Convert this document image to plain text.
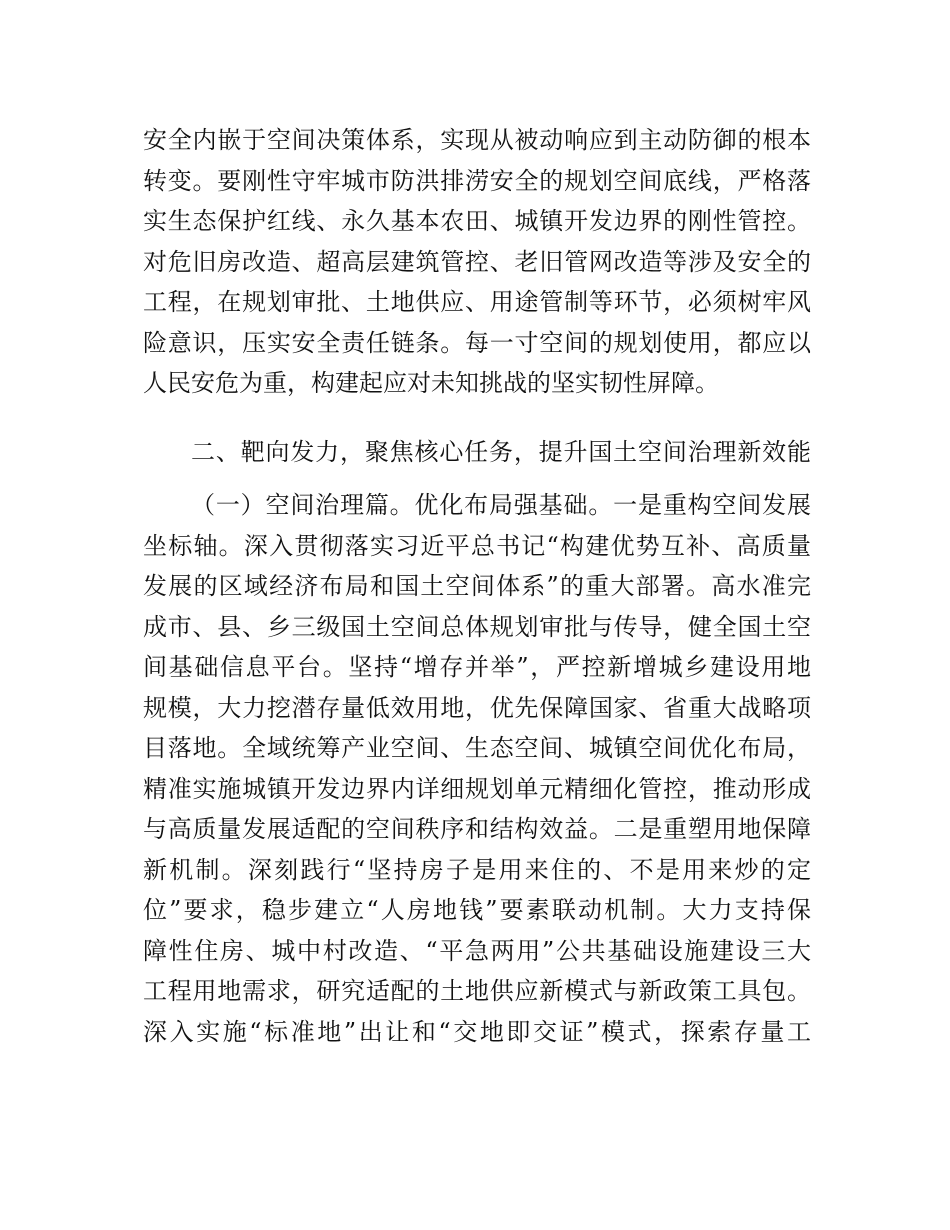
安全内嵌于空间决策体系，实现从被动响应到主动防御的根本
转变。要刚性守牢城市防洪排涝安全的规划空间底线，严格落
实生态保护红线、永久基本农田、城镇开发边界的刚性管控。
对危旧房改造、超高层建筑管控、老旧管网改造等涉及安全的
工程，在规划审批、土地供应、用途管制等环节，必须树牢风
险意识，压实安全责任链条。每一寸空间的规划使用，都应以
人民安危为重，构建起应对未知挑战的坚实韧性屏障。
二、靶向发力，聚焦核心任务，提升国土空间治理新效能
（一）空间治理篇。优化布局强基础。一是重构空间发展
坐标轴。深入贯彻落实习近平总书记“构建优势互补、高质量
发展的区域经济布局和国土空间体系”的重大部署。高水准完
成市、县、乡三级国土空间总体规划审批与传导，健全国土空
间基础信息平台。坚持“增存并举”，严控新增城乡建设用地
规模，大力挖潜存量低效用地，优先保障国家、省重大战略项
目落地。全域统筹产业空间、生态空间、城镇空间优化布局，
精准实施城镇开发边界内详细规划单元精细化管控，推动形成
与高质量发展适配的空间秩序和结构效益。二是重塑用地保障
新机制。深刻践行“坚持房子是用来住的、不是用来炒的定
位”要求，稳步建立“人房地钱”要素联动机制。大力支持保
障性住房、城中村改造、“平急两用”公共基础设施建设三大
工程用地需求，研究适配的土地供应新模式与新政策工具包。
深入实施“标准地”出让和“交地即交证”模式，探索存量工
